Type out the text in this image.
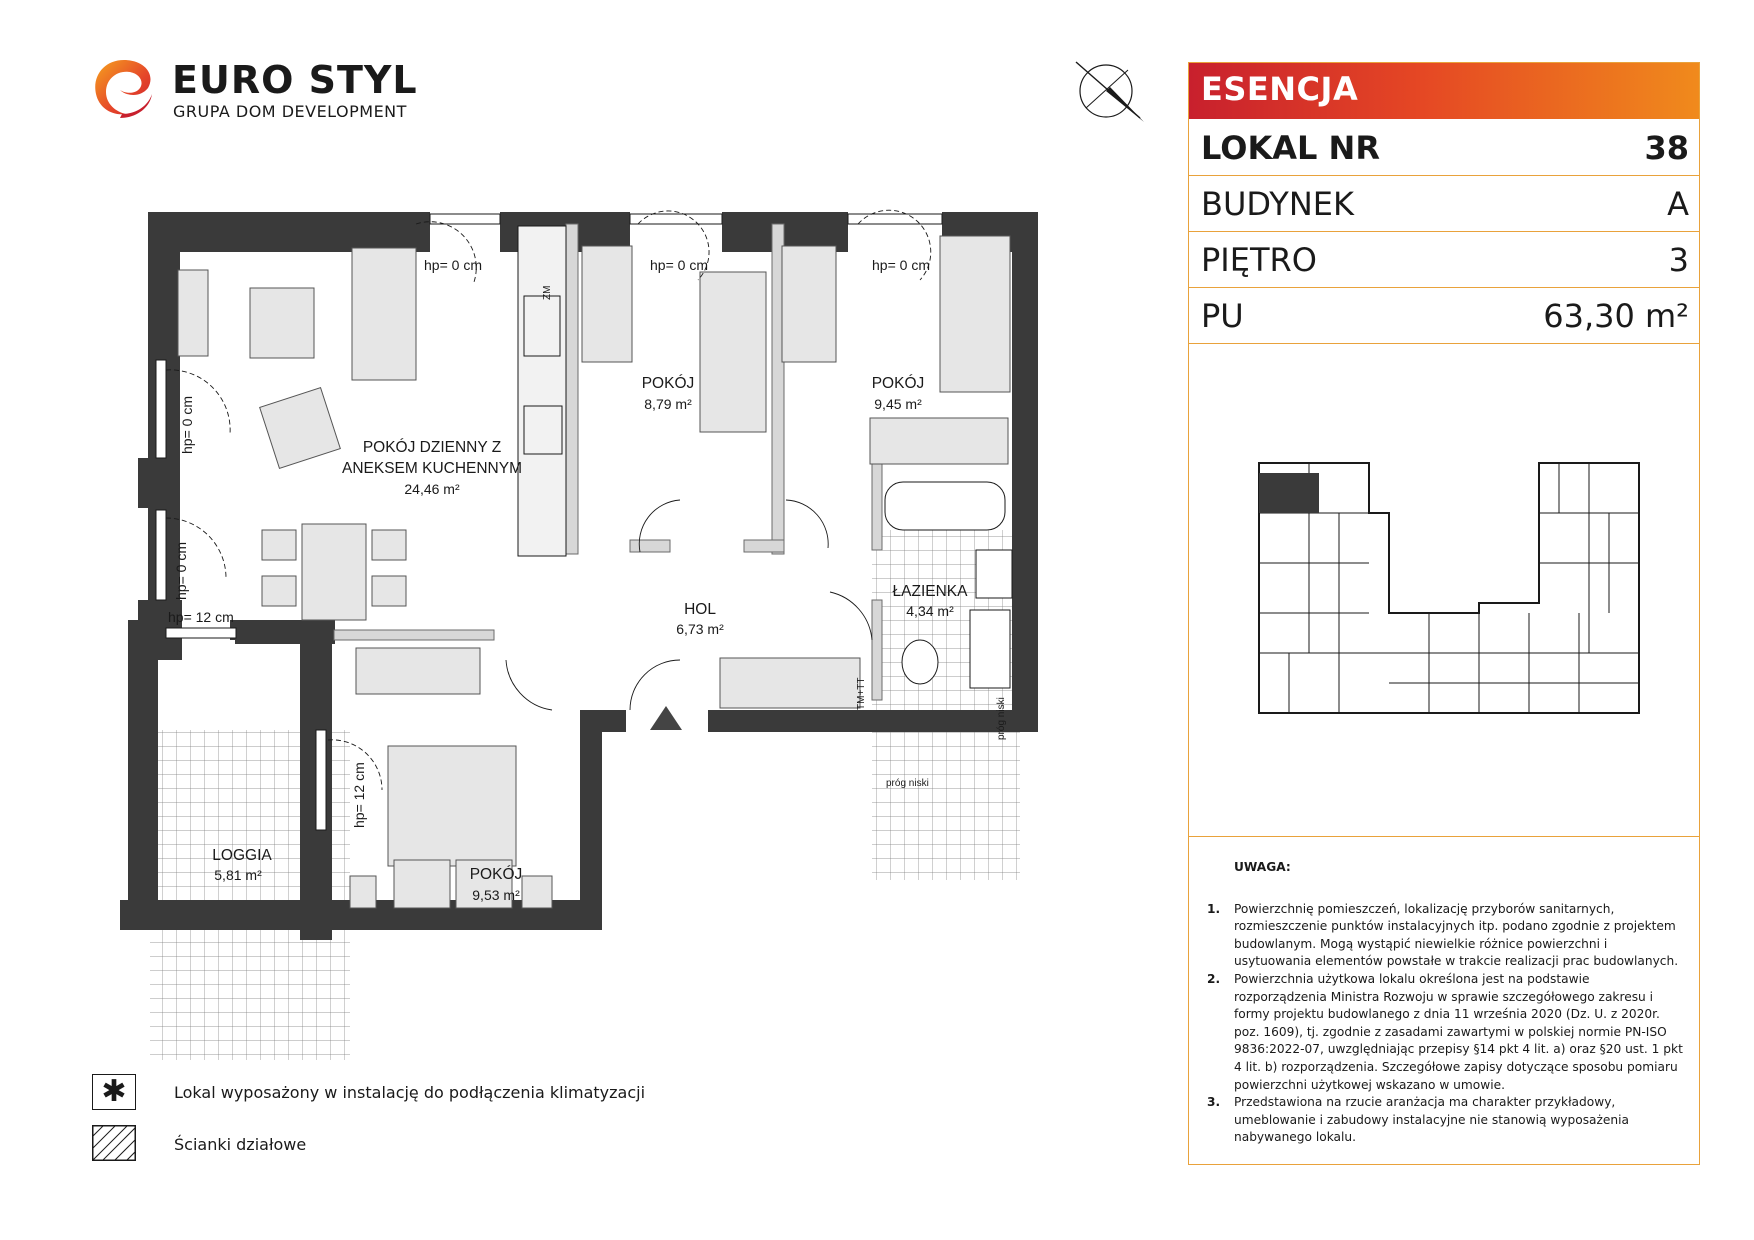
EURO STYL
GRUPA DOM DEVELOPMENT
ESENCJA
LOKAL NR	38
BUDYNEK	A
PIĘTRO	3
PU	63,30 m²
UWAGA:

1. Powierzchnię pomieszczeń, lokalizację przyborów sanitarnych, rozmieszczenie punktów instalacyjnych itp. podano zgodnie z projektem budowlanym. Mogą wystąpić niewielkie różnice powierzchni i usytuowania elementów powstałe w trakcie realizacji prac budowlanych.

2. Powierzchnia użytkowa lokalu określona jest na podstawie rozporządzenia Ministra Rozwoju w sprawie szczegółowego zakresu i formy projektu budowlanego z dnia 11 września 2020 (Dz. U. z 2020r. poz. 1609), tj. zgodnie z zasadami zawartymi w polskiej normie PN-ISO 9836:2022-07, uwzględniając przepisy §14 pkt 4 lit. a) oraz §20 ust. 1 pkt 4 lit. b) rozporządzenia. Szczegółowe zapisy dotyczące sposobu pomiaru powierzchni użytkowej wskazano w umowie.

3. Przedstawiona na rzucie aranżacja ma charakter przykładowy, umeblowanie i zabudowy instalacyjne nie stanowią wyposażenia nabywanego lokalu.

✱	Lokal wyposażony w instalację do podłączenia klimatyzacji
Ścianki działowe
POKÓJ DZIENNY Z
ANEKSEM KUCHENNYM
24,46 m²
POKÓJ
8,79 m²
POKÓJ
9,45 m²
HOL
6,73 m²
ŁAZIENKA
4,34 m²
LOGGIA
5,81 m²	POKÓJ
9,53 m²
hp= 0 cm	hp= 0 cm	hp= 0 cm
hp= 0 cm
hp= 0 cm
hp= 12 cm
hp= 12 cm
ZM
TM+TT
próg niski
próg niski
